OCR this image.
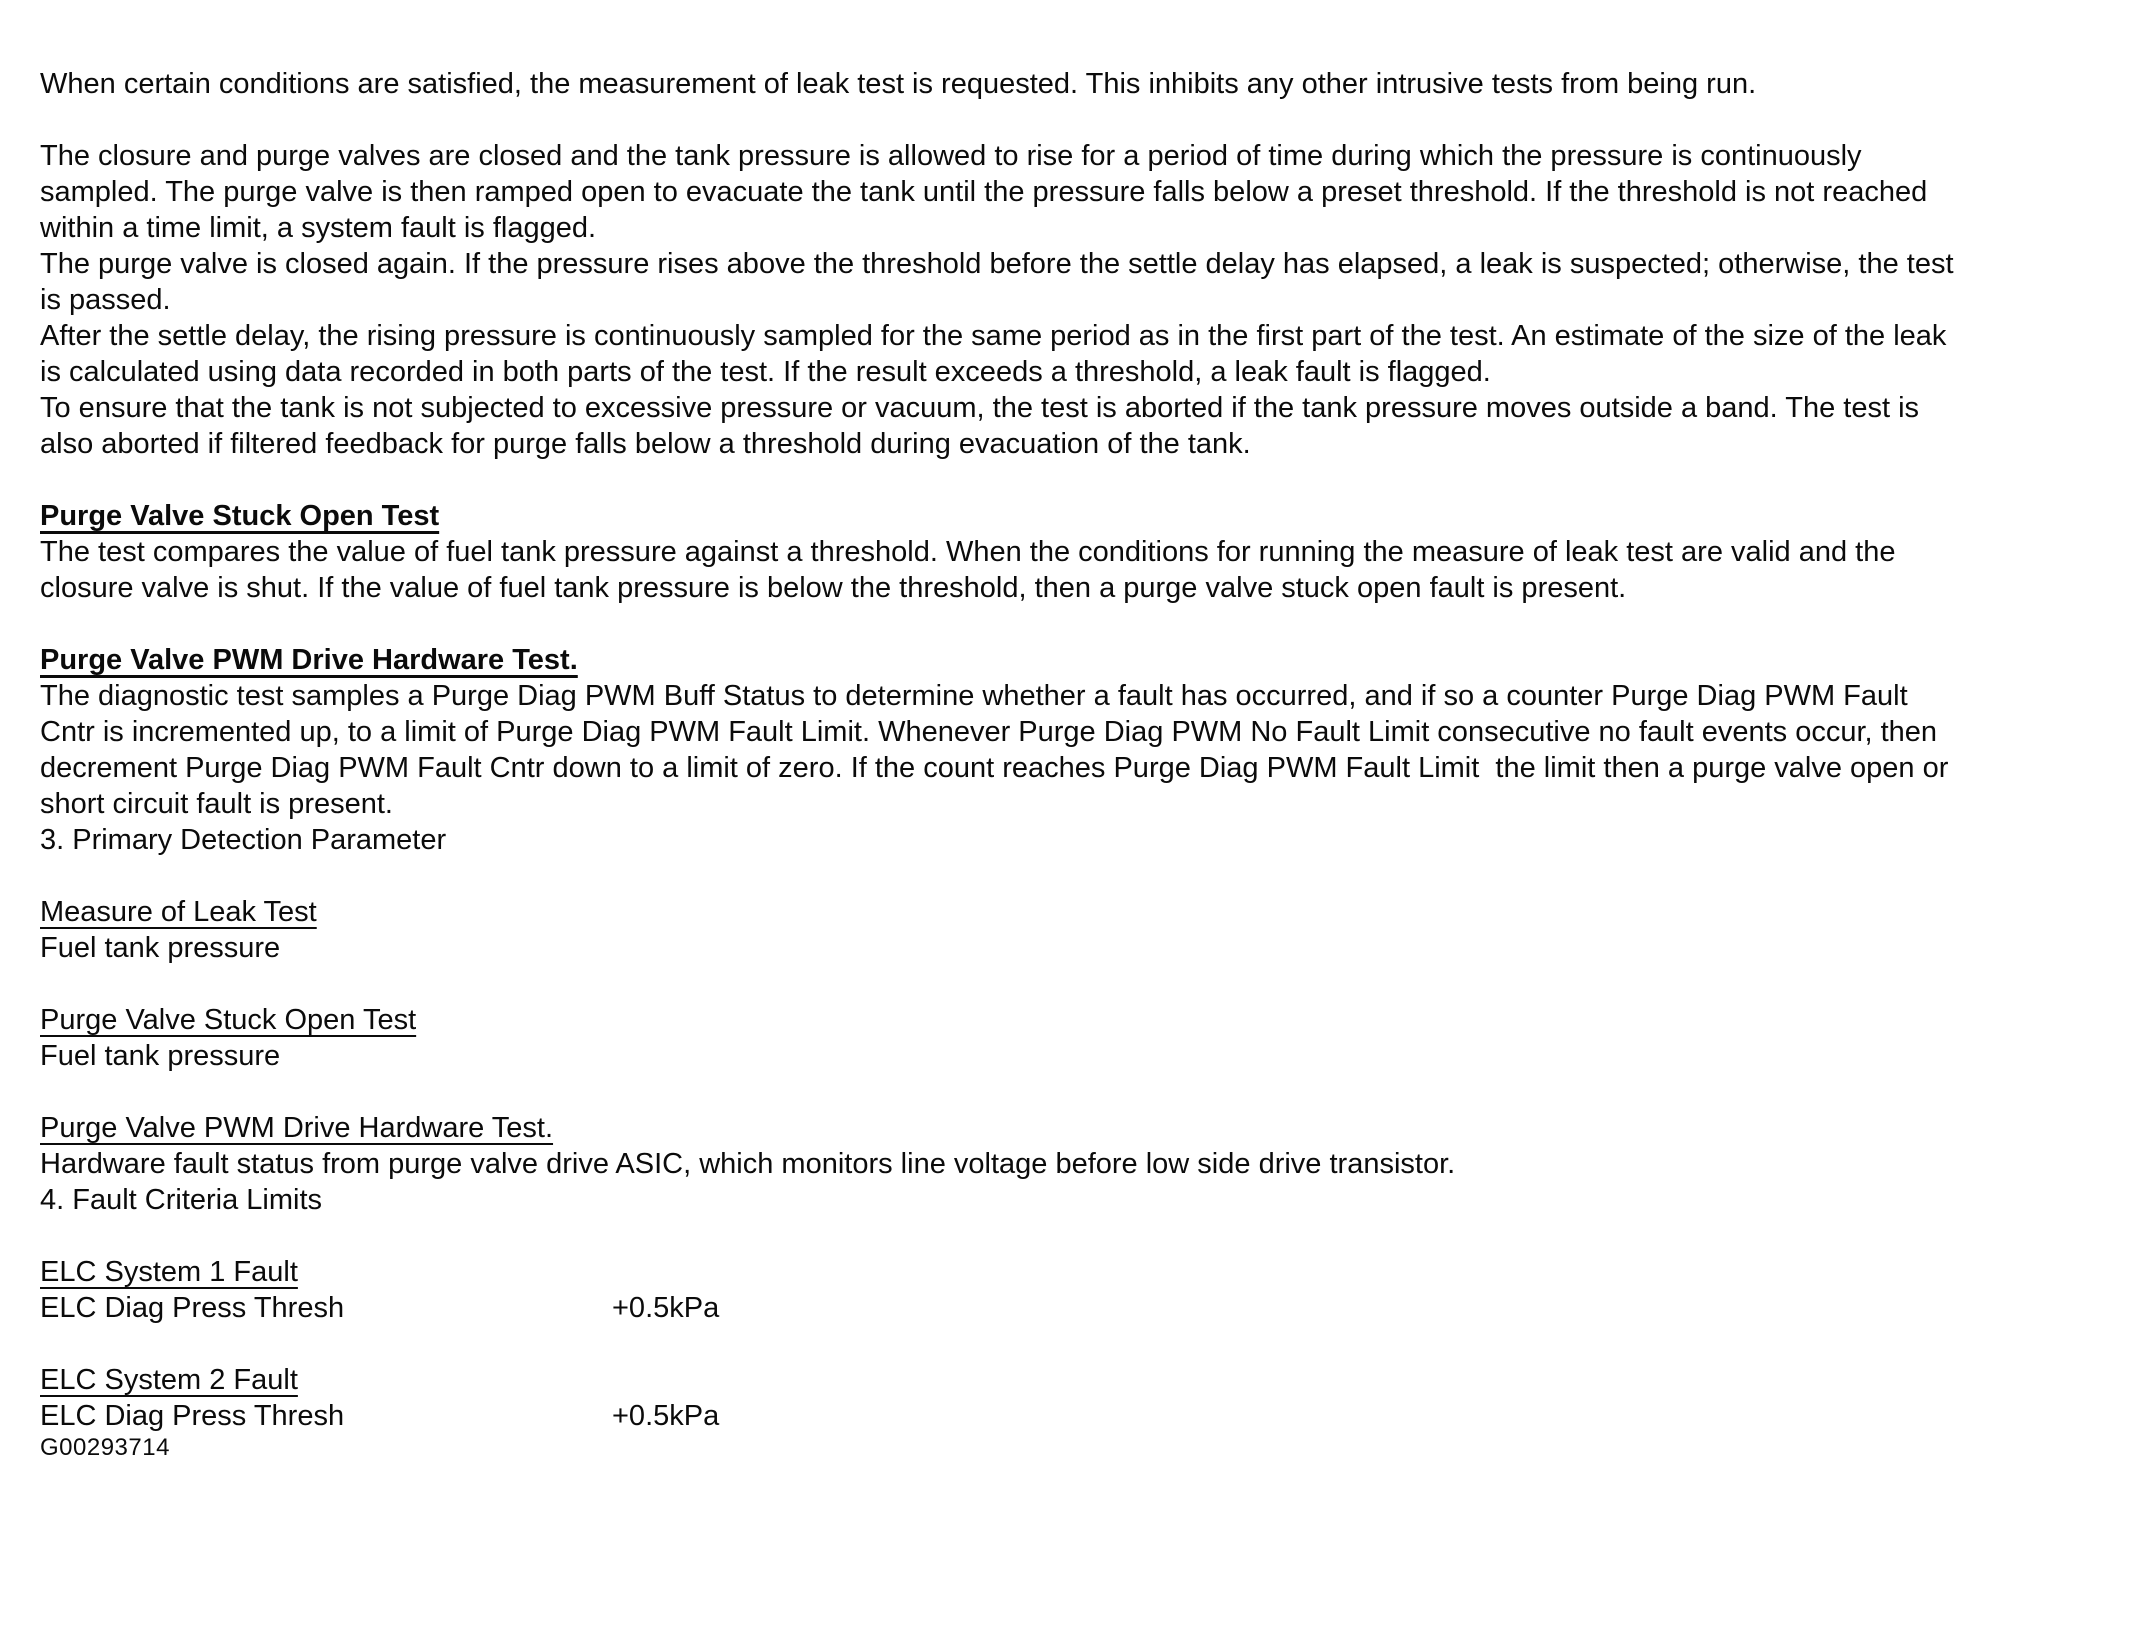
When certain conditions are satisfied, the measurement of leak test is requested. This inhibits any other intrusive tests from being run.

The closure and purge valves are closed and the tank pressure is allowed to rise for a period of time during which the pressure is continuously

sampled. The purge valve is then ramped open to evacuate the tank until the pressure falls below a preset threshold. If the threshold is not reached

within a time limit, a system fault is flagged.

The purge valve is closed again. If the pressure rises above the threshold before the settle delay has elapsed, a leak is suspected; otherwise, the test

is passed.

After the settle delay, the rising pressure is continuously sampled for the same period as in the first part of the test. An estimate of the size of the leak

is calculated using data recorded in both parts of the test. If the result exceeds a threshold, a leak fault is flagged.

To ensure that the tank is not subjected to excessive pressure or vacuum, the test is aborted if the tank pressure moves outside a band. The test is

also aborted if filtered feedback for purge falls below a threshold during evacuation of the tank.

Purge Valve Stuck Open Test

The test compares the value of fuel tank pressure against a threshold. When the conditions for running the measure of leak test are valid and the

closure valve is shut. If the value of fuel tank pressure is below the threshold, then a purge valve stuck open fault is present.

Purge Valve PWM Drive Hardware Test.

The diagnostic test samples a Purge Diag PWM Buff Status to determine whether a fault has occurred, and if so a counter Purge Diag PWM Fault

Cntr is incremented up, to a limit of Purge Diag PWM Fault Limit. Whenever Purge Diag PWM No Fault Limit consecutive no fault events occur, then

decrement Purge Diag PWM Fault Cntr down to a limit of zero. If the count reaches Purge Diag PWM Fault Limit  the limit then a purge valve open or

short circuit fault is present.

3. Primary Detection Parameter

Measure of Leak Test

Fuel tank pressure

Purge Valve Stuck Open Test

Fuel tank pressure

Purge Valve PWM Drive Hardware Test.

Hardware fault status from purge valve drive ASIC, which monitors line voltage before low side drive transistor.

4. Fault Criteria Limits

ELC System 1 Fault

ELC Diag Press Thresh	+0.5kPa

ELC System 2 Fault

ELC Diag Press Thresh	+0.5kPa

G00293714
